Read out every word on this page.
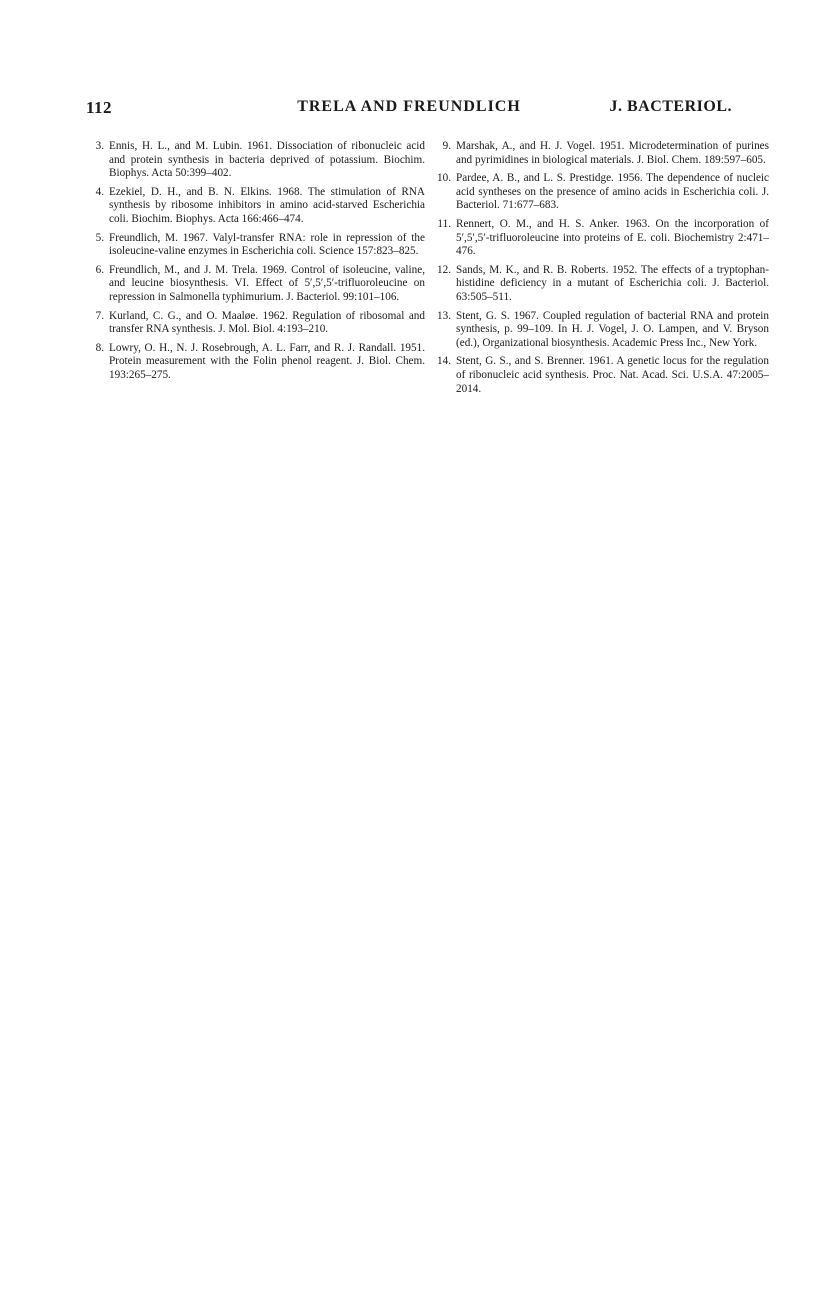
112	TRELA AND FREUNDLICH	J. BACTERIOL.
3. Ennis, H. L., and M. Lubin. 1961. Dissociation of ribonucleic acid and protein synthesis in bacteria deprived of potassium. Biochim. Biophys. Acta 50:399–402.
4. Ezekiel, D. H., and B. N. Elkins. 1968. The stimulation of RNA synthesis by ribosome inhibitors in amino acid-starved Escherichia coli. Biochim. Biophys. Acta 166:466–474.
5. Freundlich, M. 1967. Valyl-transfer RNA: role in repression of the isoleucine-valine enzymes in Escherichia coli. Science 157:823–825.
6. Freundlich, M., and J. M. Trela. 1969. Control of isoleucine, valine, and leucine biosynthesis. VI. Effect of 5′,5′,5′-trifluoroleucine on repression in Salmonella typhimurium. J. Bacteriol. 99:101–106.
7. Kurland, C. G., and O. Maaløe. 1962. Regulation of ribosomal and transfer RNA synthesis. J. Mol. Biol. 4:193–210.
8. Lowry, O. H., N. J. Rosebrough, A. L. Farr, and R. J. Randall. 1951. Protein measurement with the Folin phenol reagent. J. Biol. Chem. 193:265–275.
9. Marshak, A., and H. J. Vogel. 1951. Microdetermination of purines and pyrimidines in biological materials. J. Biol. Chem. 189:597–605.
10. Pardee, A. B., and L. S. Prestidge. 1956. The dependence of nucleic acid syntheses on the presence of amino acids in Escherichia coli. J. Bacteriol. 71:677–683.
11. Rennert, O. M., and H. S. Anker. 1963. On the incorporation of 5′,5′,5′-trifluoroleucine into proteins of E. coli. Biochemistry 2:471–476.
12. Sands, M. K., and R. B. Roberts. 1952. The effects of a tryptophan-histidine deficiency in a mutant of Escherichia coli. J. Bacteriol. 63:505–511.
13. Stent, G. S. 1967. Coupled regulation of bacterial RNA and protein synthesis, p. 99–109. In H. J. Vogel, J. O. Lampen, and V. Bryson (ed.), Organizational biosynthesis. Academic Press Inc., New York.
14. Stent, G. S., and S. Brenner. 1961. A genetic locus for the regulation of ribonucleic acid synthesis. Proc. Nat. Acad. Sci. U.S.A. 47:2005–2014.
